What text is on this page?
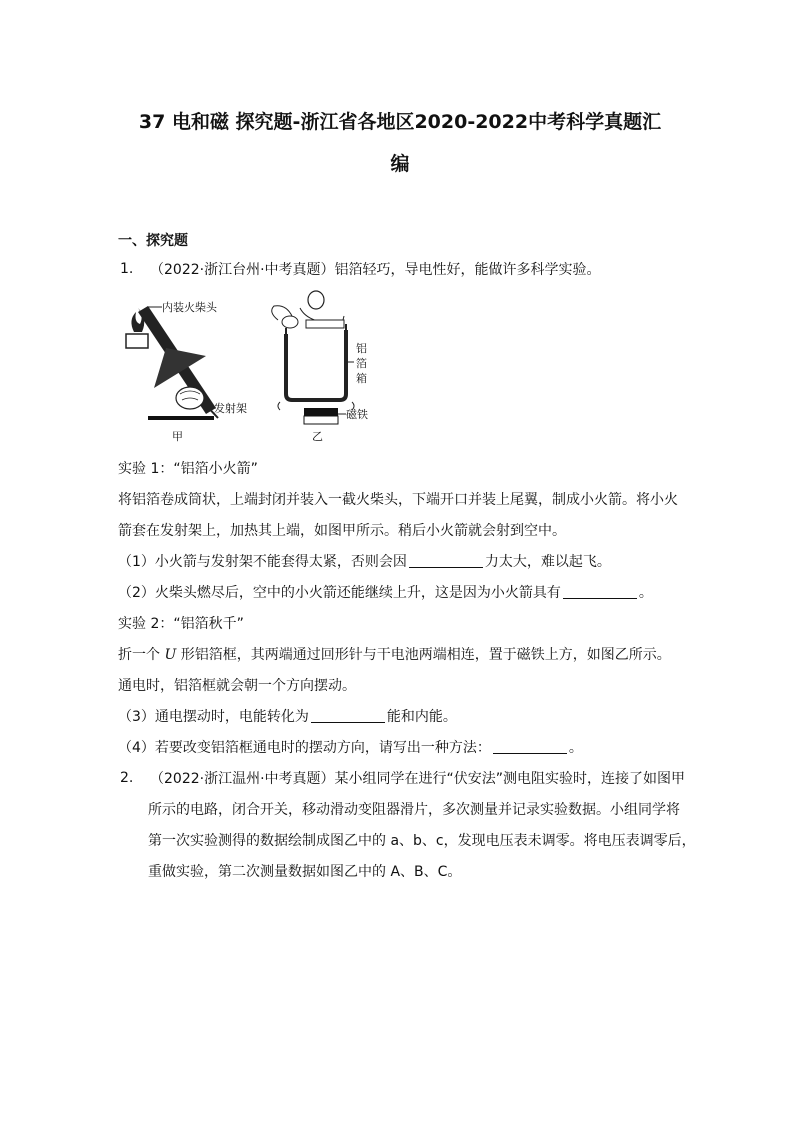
37 电和磁 探究题-浙江省各地区2020-2022中考科学真题汇
编
一、探究题
1. （2022·浙江台州·中考真题）铝箔轻巧，导电性好，能做许多科学实验。
内装火柴头
发射架
甲
铝
箔
箱
磁铁
乙
实验 1：“铝箔小火箭”
将铝箔卷成筒状，上端封闭并装入一截火柴头，下端开口并装上尾翼，制成小火箭。将小火
箭套在发射架上，加热其上端，如图甲所示。稍后小火箭就会射到空中。
（1）小火箭与发射架不能套得太紧，否则会因	力太大，难以起飞。
（2）火柴头燃尽后，空中的小火箭还能继续上升，这是因为小火箭具有	。
实验 2：“铝箔秋千”
折一个 U 形铝箔框，其两端通过回形针与干电池两端相连，置于磁铁上方，如图乙所示。
通电时，铝箔框就会朝一个方向摆动。
（3）通电摆动时，电能转化为	能和内能。
（4）若要改变铝箔框通电时的摆动方向，请写出一种方法：	。
2. （2022·浙江温州·中考真题）某小组同学在进行“伏安法”测电阻实验时，连接了如图甲
所示的电路，闭合开关，移动滑动变阻器滑片，多次测量并记录实验数据。小组同学将
第一次实验测得的数据绘制成图乙中的 a、b、c，发现电压表未调零。将电压表调零后，
重做实验，第二次测量数据如图乙中的 A、B、C。
